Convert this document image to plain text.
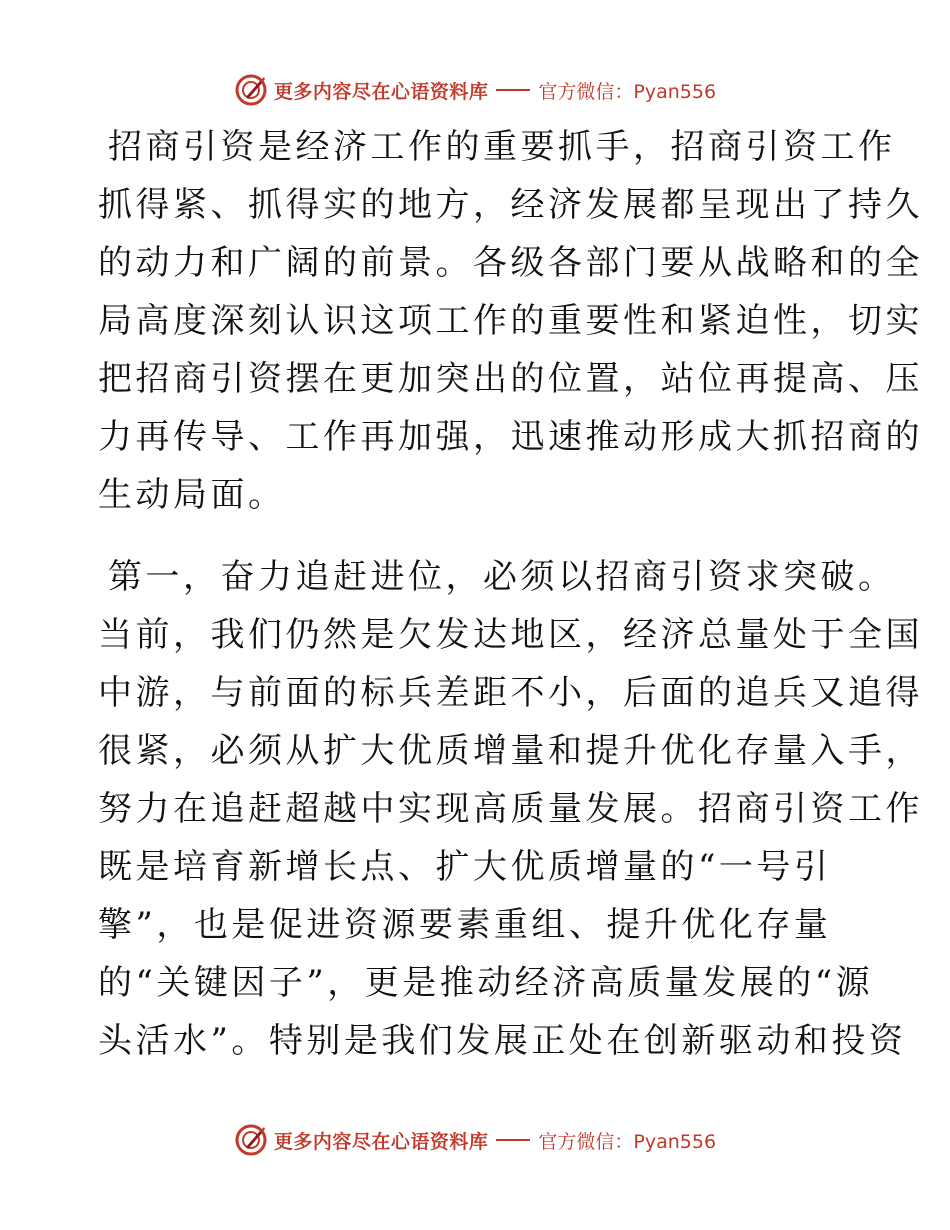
更多内容尽在心语资料库	官方微信：Pyan556
招商引资是经济工作的重要抓手，招商引资工作
抓得紧、抓得实的地方，经济发展都呈现出了持久
的动力和广阔的前景。各级各部门要从战略和的全
局高度深刻认识这项工作的重要性和紧迫性，切实
把招商引资摆在更加突出的位置，站位再提高、压
力再传导、工作再加强，迅速推动形成大抓招商的
生动局面。
第一，奋力追赶进位，必须以招商引资求突破。
当前，我们仍然是欠发达地区，经济总量处于全国
中游，与前面的标兵差距不小，后面的追兵又追得
很紧，必须从扩大优质增量和提升优化存量入手，
努力在追赶超越中实现高质量发展。招商引资工作
既是培育新增长点、扩大优质增量的“一号引
擎”，也是促进资源要素重组、提升优化存量
的“关键因子”，更是推动经济高质量发展的“源
头活水”。特别是我们发展正处在创新驱动和投资
更多内容尽在心语资料库	官方微信：Pyan556
